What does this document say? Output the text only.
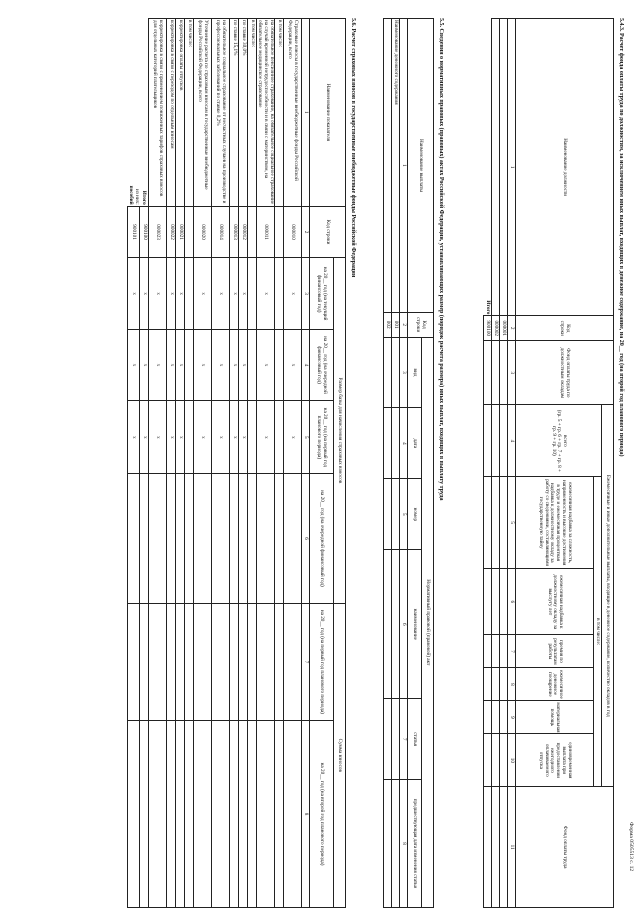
Форма 0505513 с. 12
5.4.3. Расчет фонда оплаты труда по должностям, за исключением иных выплат, входящих в денежное содержание, на 20__ год (на второй год планового периода)
Наименование должности	Код строки	Фонд оплаты труда по должностным окладам	Ежемесячные и иные дополнительные выплаты, входящие в денежное содержание, количество окладов в год							Фонд оплаты труда
			всего
(гр. 5 + гр. 6 + гр. 7 + гр. 8 + гр. 9 + гр. 10)	в том числе:						
				ежемесячная надбавка за сложность, напряженность и высокие достижения в труде и ежемесячная процентная надбавка к должностному окладу за работу со сведениями, составляющими государственную тайну	ежемесячная надбавка к должностному окладу за выслугу лет	премия по результатам работы	ежемесячное денежное поощрение	материальная помощь	единовременная выплата при предоставлении ежегодного оплачиваемого отпуска	
1	2	3	4	5	6	7	8	9	10	11
	000001									
	000002									
Итого	900100									
5.5. Сведения о нормативных правовых (правовых) актах Российской Федерации, устанавливающих размер (порядок расчета размера) иных выплат, входящих в выплату труда
Наименование выплаты	Код строки	Нормативный правовой (правовой) акт					
		вид	дата	номер	наименование	статья	предшествующая дата изменения статьи
1	2	3	4	5	6	7	8
Наименование денежного содержания	001						
	002						
5.6. Расчет страховых взносов в государственные внебюджетные фонды Российской Федерации
Наименование показателя	Код строки	Размер базы для начисления страховых взносов				Сумма взносов	
		на 20__ год (на текущий финансовый год)	на 20__ год (на очередной финансовый год)	на 20__ год (на первый год планового периода)	на 20__ год (на очередной финансовый год)	на 20__ год (на первый год планового периода)	на 20__ год (на второй год планового периода)
1	2	3	4	5	6	7	8
Страховые взносы в государственные внебюджетные фонды Российской Федерации, всего	000010	x	x	x			
в том числе:							
на обязательное пенсионное страхование, на обязательное социальное страхование на случай временной нетрудоспособности и в связи с материнством, на обязательное медицинское страхование	000011	x	x	x			
в том числе:							
по ставке 30,0%	000012	x	x	x			
по ставке 15,1%	000013	x	x	x			
на обязательное социальное страхование от несчастных случаев на производстве и профессиональных заболеваний по ставке 0,2%	000014	x	x	x			
Уточнение расчета по страховым взносам в государственные внебюджетные фонды Российской Федерации, всего	000020	x	x	x			
в том числе:							
корректировка оплаты отпусков	000021	x	x	x			
корректировка в связи с переходом по отдельным взносам	000022	x	x	x			
корректировка в связи с применением пониженных тарифов страховых взносов для отдельных категорий плательщиков	000023	x	x	x			
Итого	900100	x	x	x			
из них:
пособий	900101	x	x	x			
